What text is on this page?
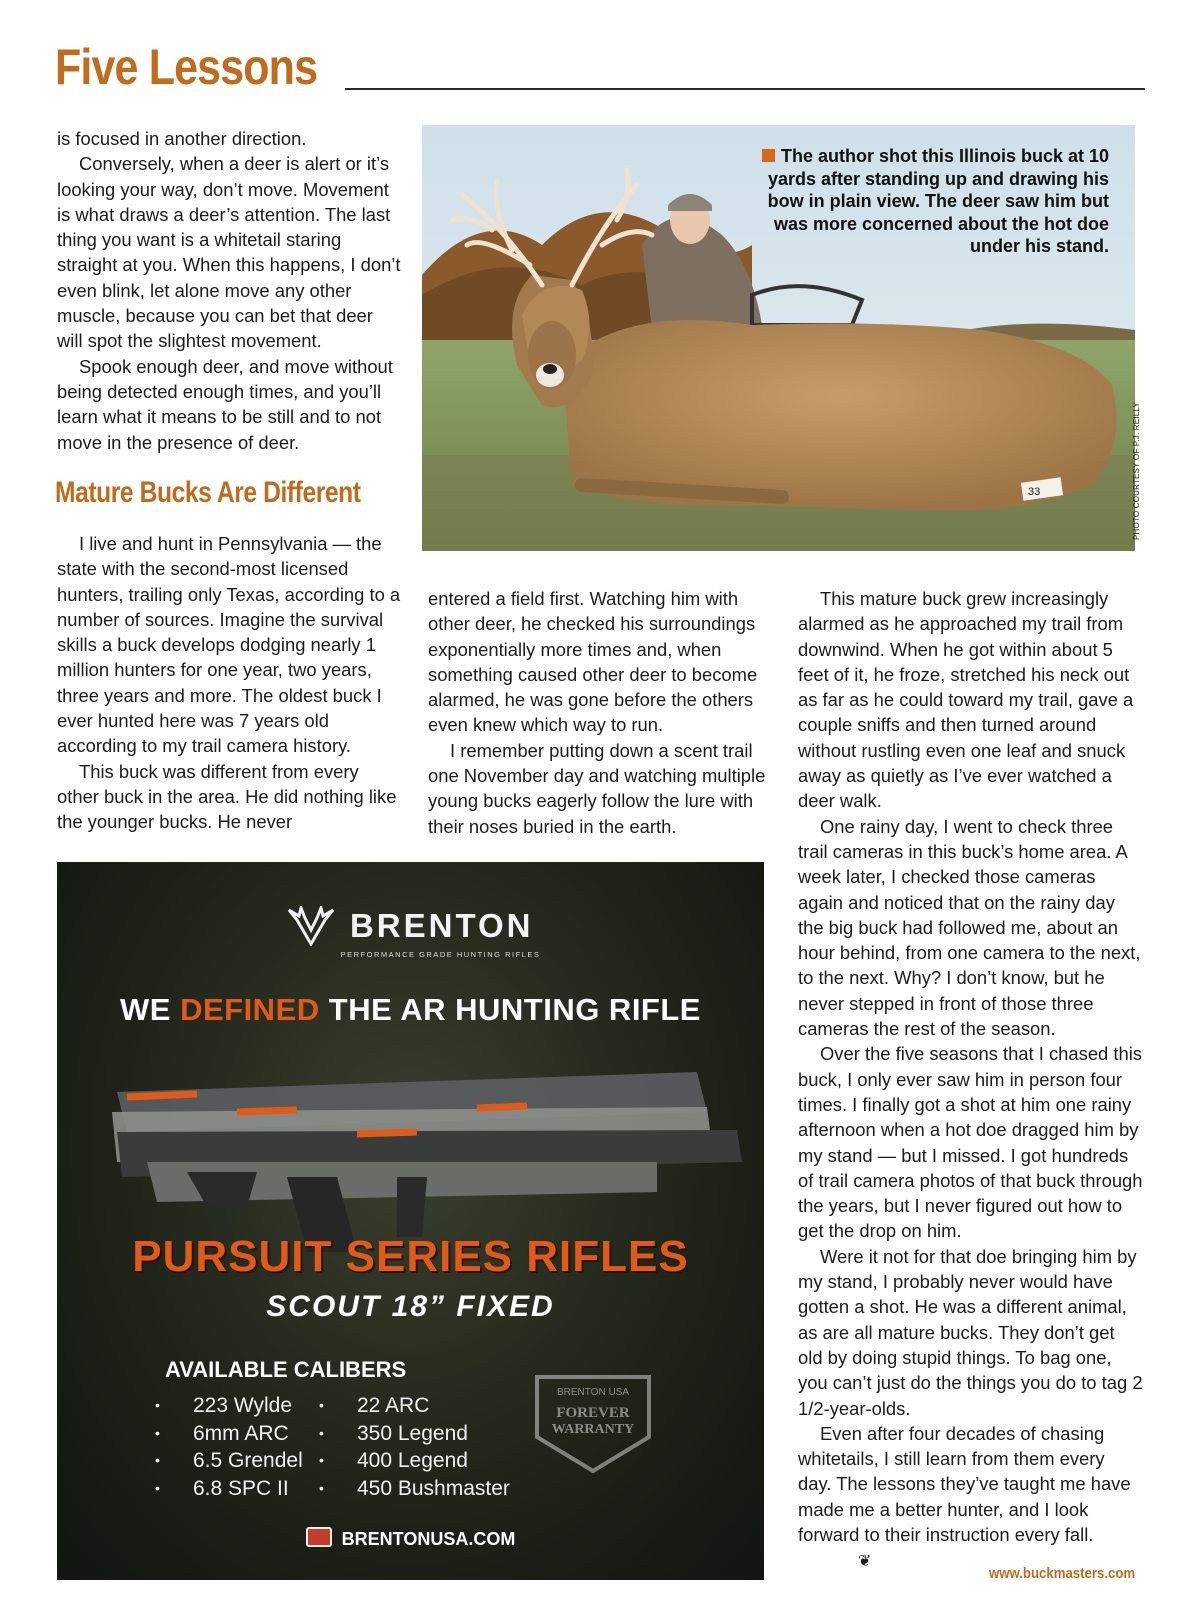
Five Lessons

is focused in another direction.

Conversely, when a deer is alert or it’s looking your way, don’t move. Movement is what draws a deer’s attention. The last thing you want is a whitetail staring straight at you. When this happens, I don’t even blink, let alone move any other muscle, because you can bet that deer will spot the slightest movement.

Spook enough deer, and move without being detected enough times, and you’ll learn what it means to be still and to not move in the presence of deer.

Mature Bucks Are Different

I live and hunt in Pennsylvania — the state with the second-most licensed hunters, trailing only Texas, according to a number of sources. Imagine the survival skills a buck develops dodging nearly 1 million hunters for one year, two years, three years and more. The oldest buck I ever hunted here was 7 years old according to my trail camera history.

This buck was different from every other buck in the area. He did nothing like the younger bucks. He never

33
The author shot this Illinois buck at 10 yards after standing up and drawing his bow in plain view. The deer saw him but was more concerned about the hot doe under his stand.
PHOTO COURTESY OF P.J. REILLY

entered a field first. Watching him with other deer, he checked his surroundings exponentially more times and, when something caused other deer to become alarmed, he was gone before the others even knew which way to run.

I remember putting down a scent trail one November day and watching multiple young bucks eagerly follow the lure with their noses buried in the earth.

This mature buck grew increasingly alarmed as he approached my trail from downwind. When he got within about 5 feet of it, he froze, stretched his neck out as far as he could toward my trail, gave a couple sniffs and then turned around without rustling even one leaf and snuck away as quietly as I’ve ever watched a deer walk.

One rainy day, I went to check three trail cameras in this buck’s home area. A week later, I checked those cameras again and noticed that on the rainy day the big buck had followed me, about an hour behind, from one camera to the next, to the next. Why? I don’t know, but he never stepped in front of those three cameras the rest of the season.

Over the five seasons that I chased this buck, I only ever saw him in person four times. I finally got a shot at him one rainy afternoon when a hot doe dragged him by my stand — but I missed. I got hundreds of trail camera photos of that buck through the years, but I never figured out how to get the drop on him.

Were it not for that doe bringing him by my stand, I probably never would have gotten a shot. He was a different animal, as are all mature bucks. They don’t get old by doing stupid things. To bag one, you can’t just do the things you do to tag 2 1/2-year-olds.

Even after four decades of chasing whitetails, I still learn from them every day. The lessons they’ve taught me have made me a better hunter, and I look forward to their instruction every fall.❦

BRENTON
PERFORMANCE GRADE HUNTING RIFLES
WE DEFINED THE AR HUNTING RIFLE
PURSUIT SERIES RIFLES
SCOUT 18” FIXED
AVAILABLE CALIBERS
• 223 Wylde
• 6mm ARC
• 6.5 Grendel
• 6.8 SPC II
• 22 ARC
• 350 Legend
• 400 Legend
• 450 Bushmaster
BRENTON USA
FOREVER
WARRANTY
BRENTONUSA.COM
www.buckmasters.com
